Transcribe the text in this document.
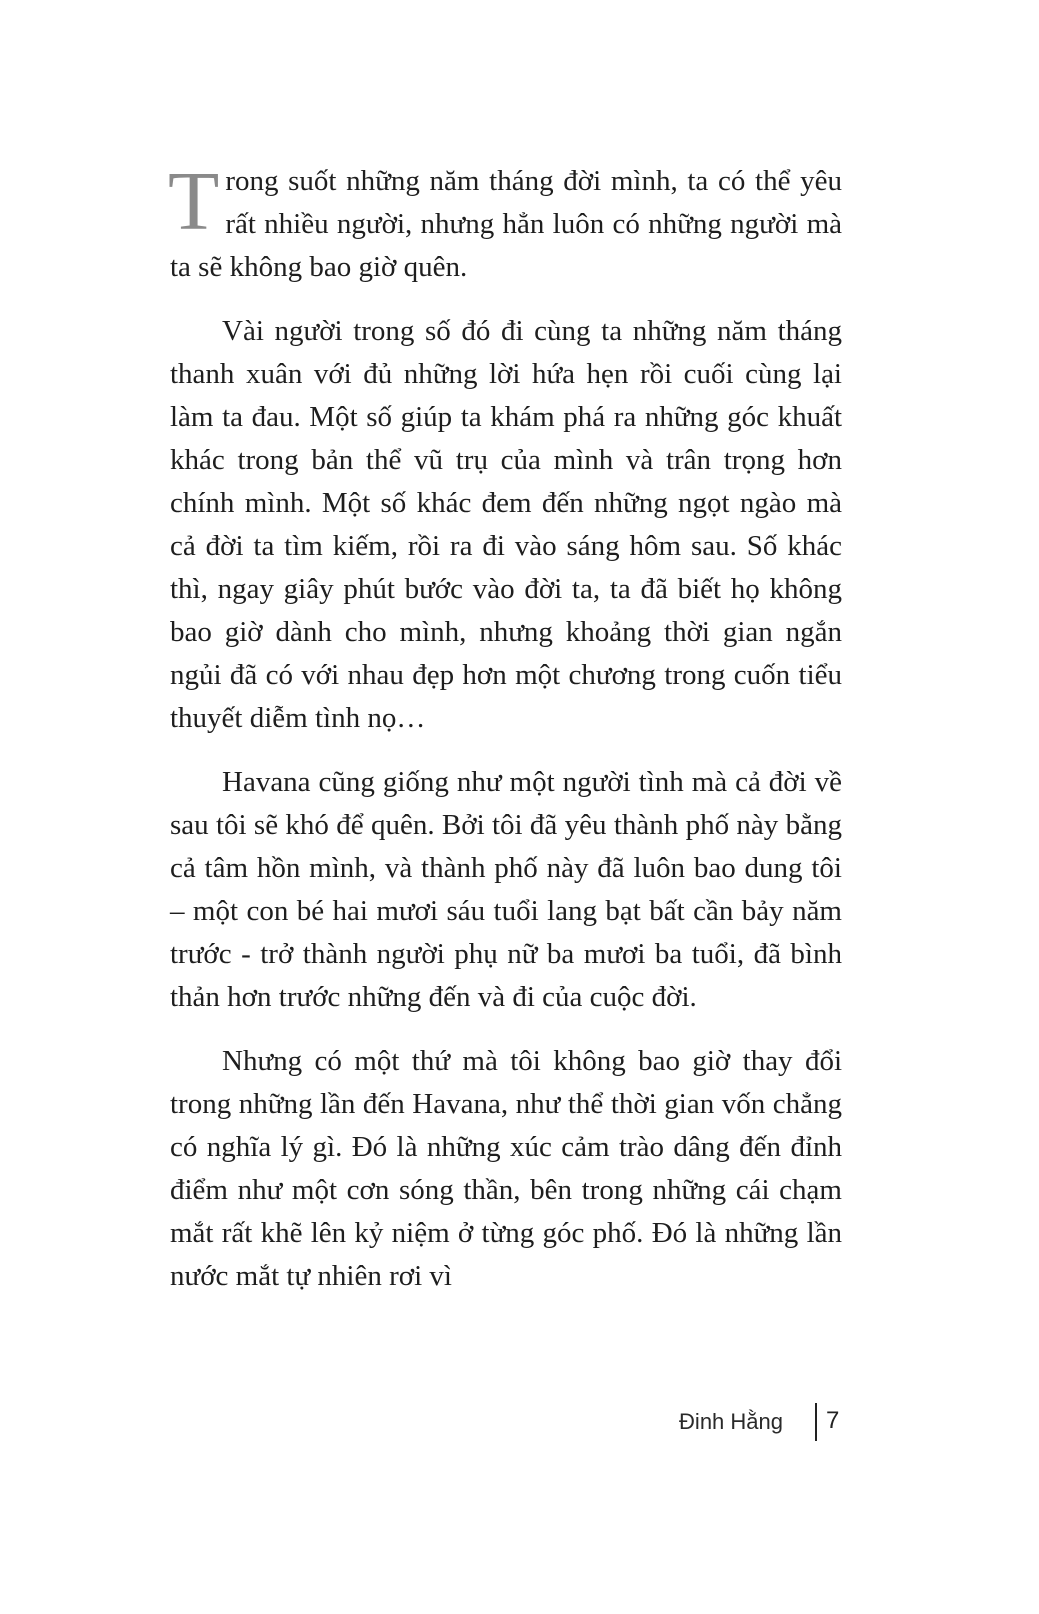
Trong suốt những năm tháng đời mình, ta có thể yêu rất nhiều người, nhưng hẳn luôn có những người mà ta sẽ không bao giờ quên.

Vài người trong số đó đi cùng ta những năm tháng thanh xuân với đủ những lời hứa hẹn rồi cuối cùng lại làm ta đau. Một số giúp ta khám phá ra những góc khuất khác trong bản thể vũ trụ của mình và trân trọng hơn chính mình. Một số khác đem đến những ngọt ngào mà cả đời ta tìm kiếm, rồi ra đi vào sáng hôm sau. Số khác thì, ngay giây phút bước vào đời ta, ta đã biết họ không bao giờ dành cho mình, nhưng khoảng thời gian ngắn ngủi đã có với nhau đẹp hơn một chương trong cuốn tiểu thuyết diễm tình nọ…

Havana cũng giống như một người tình mà cả đời về sau tôi sẽ khó để quên. Bởi tôi đã yêu thành phố này bằng cả tâm hồn mình, và thành phố này đã luôn bao dung tôi – một con bé hai mươi sáu tuổi lang bạt bất cần bảy năm trước - trở thành người phụ nữ ba mươi ba tuổi, đã bình thản hơn trước những đến và đi của cuộc đời.

Nhưng có một thứ mà tôi không bao giờ thay đổi trong những lần đến Havana, như thể thời gian vốn chẳng có nghĩa lý gì. Đó là những xúc cảm trào dâng đến đỉnh điểm như một cơn sóng thần, bên trong những cái chạm mắt rất khẽ lên kỷ niệm ở từng góc phố. Đó là những lần nước mắt tự nhiên rơi vì

Đinh Hằng 7
